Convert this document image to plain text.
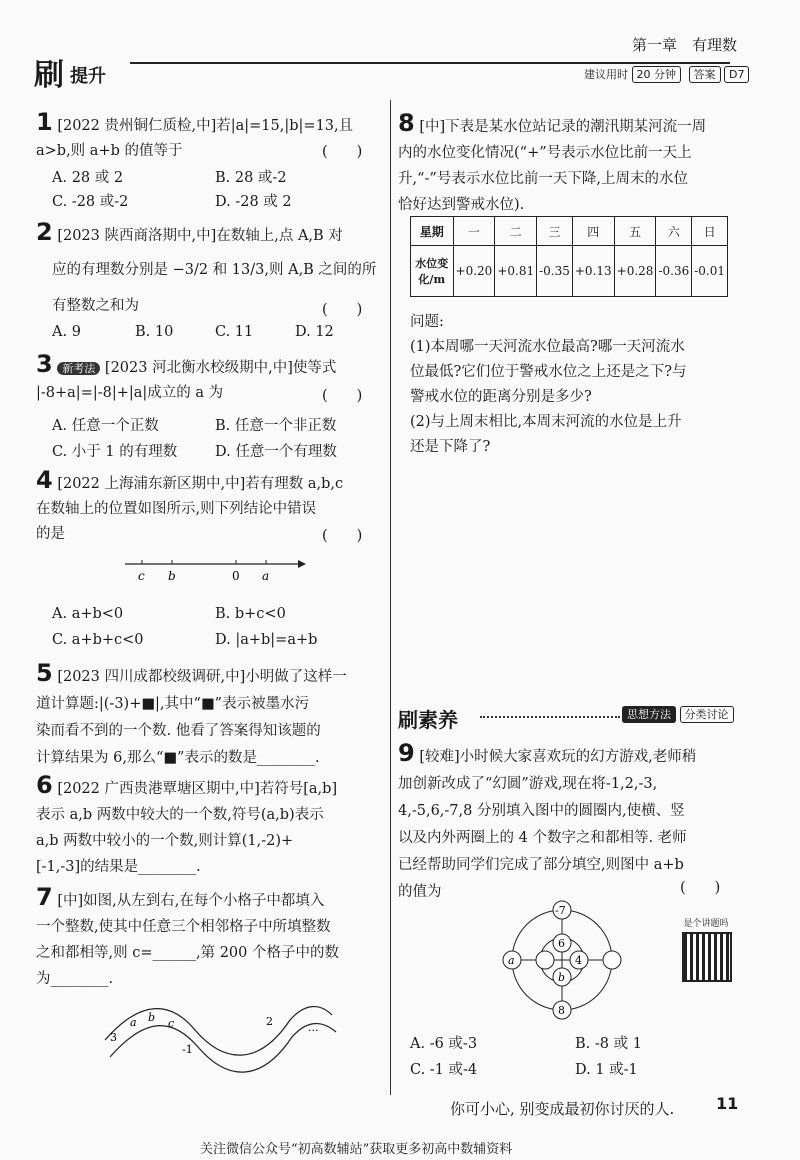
第一章　有理数
刷 提升	建议用时 20 分钟 答案 D7
1 [2022 贵州铜仁质检,中]若|a|=15,|b|=13,且
a>b,则 a+b 的值等于	(　　)
A. 28 或 2	B. 28 或-2
C. -28 或-2	D. -28 或 2
2 [2023 陕西商洛期中,中]在数轴上,点 A,B 对
应的有理数分别是 −3/2 和 13/3,则 A,B 之间的所
有整数之和为	(　　)
A. 9	B. 10	C. 11	D. 12
3 新考法 [2023 河北衡水校级期中,中]使等式
|-8+a|=|-8|+|a|成立的 a 为	(　　)
A. 任意一个正数	B. 任意一个非正数
C. 小于 1 的有理数	D. 任意一个有理数
4 [2022 上海浦东新区期中,中]若有理数 a,b,c
在数轴上的位置如图所示,则下列结论中错误
的是	(　　)
c b	0 a
A. a+b<0	B. b+c<0
C. a+b+c<0	D. |a+b|=a+b
5 [2023 四川成都校级调研,中]小明做了这样一
道计算题:|(-3)+■|,其中“■”表示被墨水污
染而看不到的一个数. 他看了答案得知该题的
计算结果为 6,那么“■”表示的数是________.
6 [2022 广西贵港覃塘区期中,中]若符号[a,b]
表示 a,b 两数中较大的一个数,符号(a,b)表示
a,b 两数中较小的一个数,则计算(1,-2)+
[-1,-3]的结果是________.
7 [中]如图,从左到右,在每个小格子中都填入
一个整数,使其中任意三个相邻格子中所填整数
之和都相等,则 c=______,第 200 个格子中的数
为________.
3
a b c
-1
2	...
8 [中]下表是某水位站记录的潮汛期某河流一周
内的水位变化情况(“+”号表示水位比前一天上
升,“-”号表示水位比前一天下降,上周末的水位
恰好达到警戒水位).
星期	一	二	三	四	五	六	日
水位变化/m	+0.20	+0.81	-0.35	+0.13	+0.28	-0.36	-0.01
问题:
(1)本周哪一天河流水位最高?哪一天河流水
位最低?它们位于警戒水位之上还是之下?与
警戒水位的距离分别是多少?
(2)与上周末相比,本周末河流的水位是上升
还是下降了?
刷素养	思想方法 分类讨论
9 [较难]小时候大家喜欢玩的幻方游戏,老师稍
加创新改成了“幻圆”游戏,现在将-1,2,-3,
4,-5,6,-7,8 分别填入图中的圆圈内,使横、竖
以及内外两圈上的 4 个数字之和都相等. 老师
已经帮助同学们完成了部分填空,则图中 a+b
的值为	(　　)
-7
6
a	4
b
8
是个讲题吗
A. -6 或-3	B. -8 或 1
C. -1 或-4	D. 1 或-1
你可小心, 别变成最初你讨厌的人.	11
关注微信公众号“初高数辅站”获取更多初高中数辅资料
